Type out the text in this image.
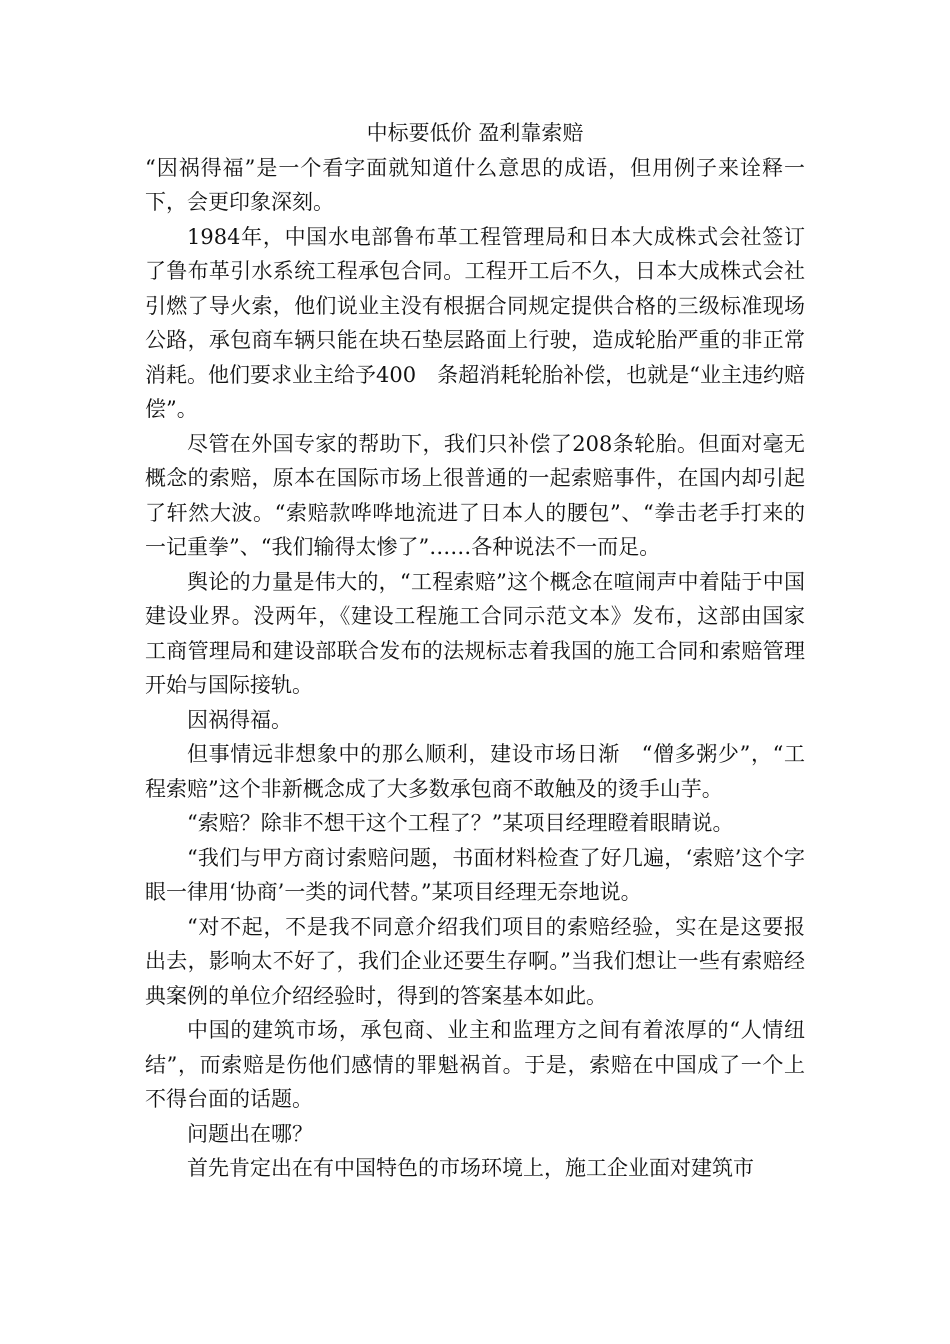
中标要低价 盈利靠索赔

“因祸得福”是一个看字面就知道什么意思的成语，但用例子来诠释一下，会更印象深刻。

1984年，中国水电部鲁布革工程管理局和日本大成株式会社签订了鲁布革引水系统工程承包合同。工程开工后不久，日本大成株式会社引燃了导火索，他们说业主没有根据合同规定提供合格的三级标准现场公路，承包商车辆只能在块石垫层路面上行驶，造成轮胎严重的非正常消耗。他们要求业主给予400　条超消耗轮胎补偿，也就是“业主违约赔偿”。

尽管在外国专家的帮助下，我们只补偿了208条轮胎。但面对毫无概念的索赔，原本在国际市场上很普通的一起索赔事件，在国内却引起了轩然大波。“索赔款哗哗地流进了日本人的腰包”、“拳击老手打来的一记重拳”、“我们输得太惨了”……各种说法不一而足。

舆论的力量是伟大的，“工程索赔”这个概念在喧闹声中着陆于中国建设业界。没两年，《建设工程施工合同示范文本》发布，这部由国家工商管理局和建设部联合发布的法规标志着我国的施工合同和索赔管理开始与国际接轨。

因祸得福。

但事情远非想象中的那么顺利，建设市场日渐　“僧多粥少”，“工程索赔”这个非新概念成了大多数承包商不敢触及的烫手山芋。

“索赔？除非不想干这个工程了？”某项目经理瞪着眼睛说。

“我们与甲方商讨索赔问题，书面材料检查了好几遍，‘索赔’这个字眼一律用‘协商’一类的词代替。”某项目经理无奈地说。

“对不起，不是我不同意介绍我们项目的索赔经验，实在是这要报出去，影响太不好了，我们企业还要生存啊。”当我们想让一些有索赔经典案例的单位介绍经验时，得到的答案基本如此。

中国的建筑市场，承包商、业主和监理方之间有着浓厚的“人情纽结”，而索赔是伤他们感情的罪魁祸首。于是，索赔在中国成了一个上不得台面的话题。

问题出在哪？

首先肯定出在有中国特色的市场环境上，施工企业面对建筑市
